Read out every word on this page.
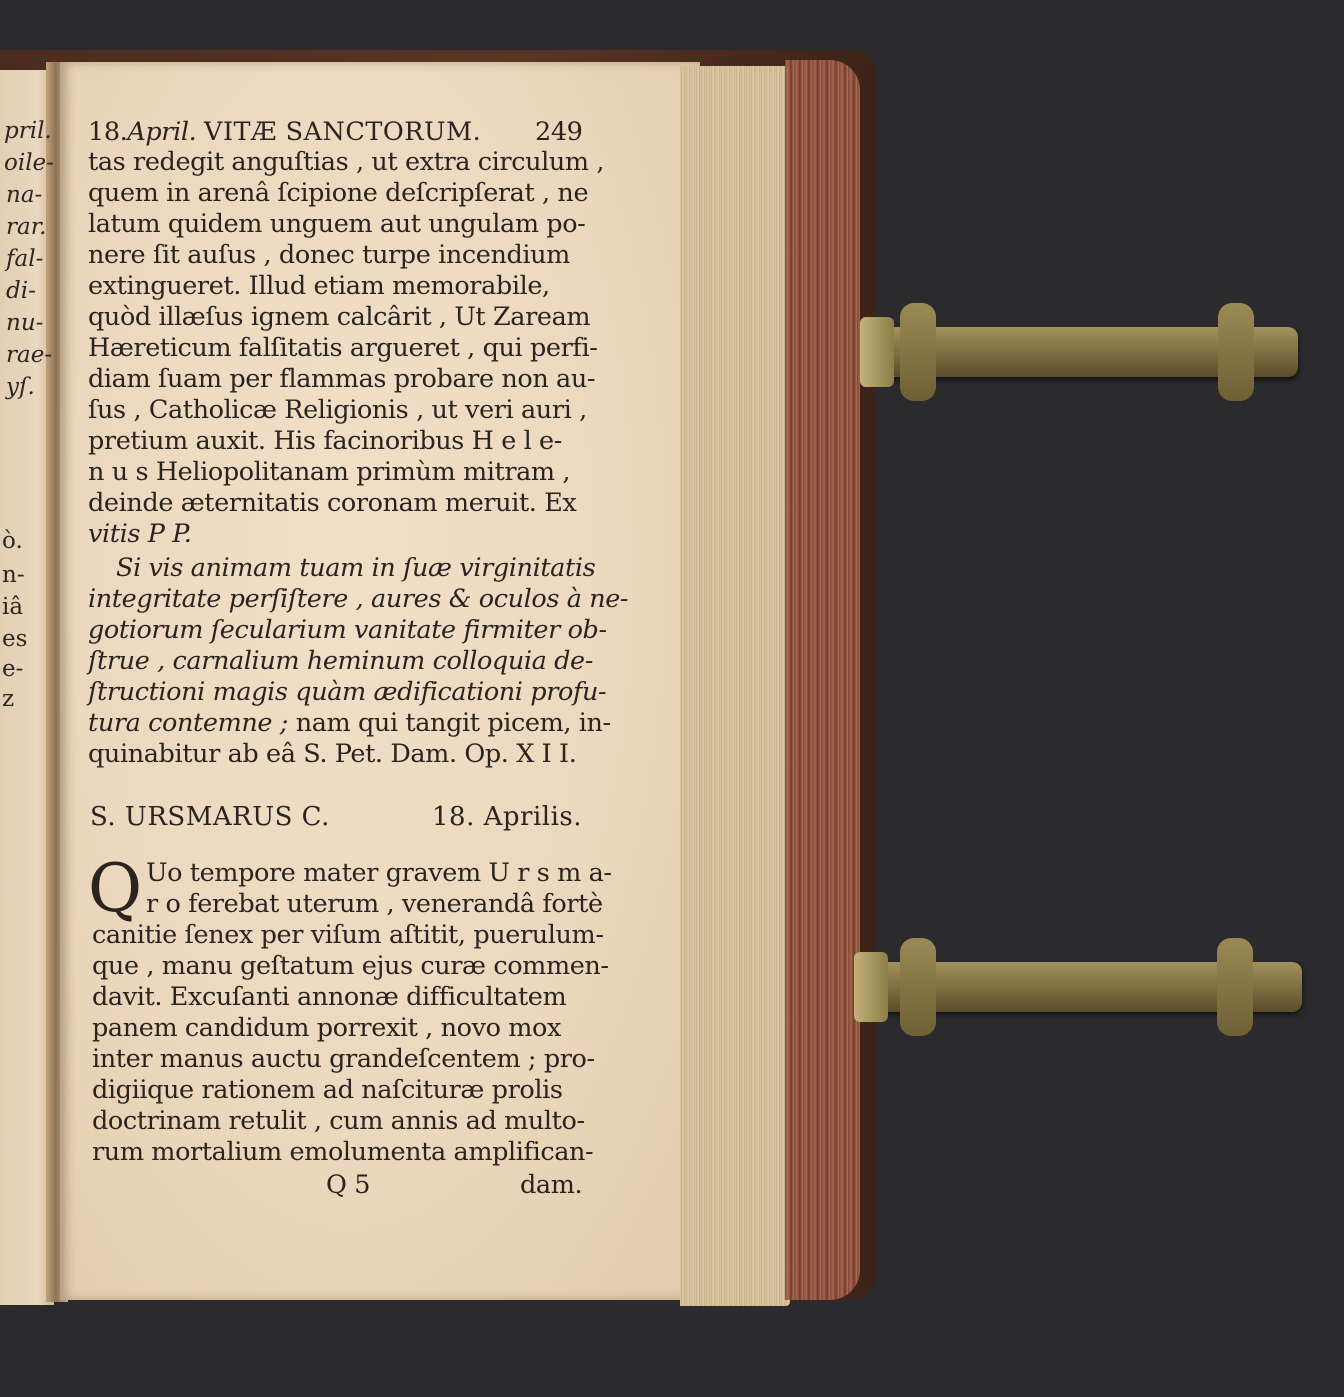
pril.
oile-
na-
rar.
fal-
di-
nu-
rae-
yſ.
ò.
n-
iâ
es
e-
z
18.April. VITÆ SANCTORUM. 249
tas redegit anguſtias , ut extra circulum ,
quem in arenâ ſcipione deſcripſerat , ne
latum quidem unguem aut ungulam po-
nere ſit auſus , donec turpe incendium
extingueret. Illud etiam memorabile,
quòd illæſus ignem calcârit , Ut Zaream
Hæreticum falſitatis argueret , qui perfi-
diam ſuam per flammas probare non au-
ſus , Catholicæ Religionis , ut veri auri ,
pretium auxit. His facinoribus H e l e-
n u s Heliopolitanam primùm mitram ,
deinde æternitatis coronam meruit. Ex
vitis P P.
Si vis animam tuam in ſuæ virginitatis
integritate perſiſtere , aures & oculos à ne-
gotiorum ſecularium vanitate firmiter ob-
ſtrue , carnalium heminum colloquia de-
ſtructioni magis quàm ædificationi profu-
tura contemne ; nam qui tangit picem, in-
quinabitur ab eâ S. Pet. Dam. Op. X I I.
S. URSMARUS C.	18. Aprilis.
Q Uo tempore mater gravem U r s m a-
r o ferebat uterum , venerandâ fortè
canitie ſenex per viſum aſtitit, puerulum-
que , manu geſtatum ejus curæ commen-
davit. Excuſanti annonæ difficultatem
panem candidum porrexit , novo mox
inter manus auctu grandeſcentem ; pro-
digiique rationem ad naſcituræ prolis
doctrinam retulit , cum annis ad multo-
rum mortalium emolumenta amplifican-
Q 5	dam.
